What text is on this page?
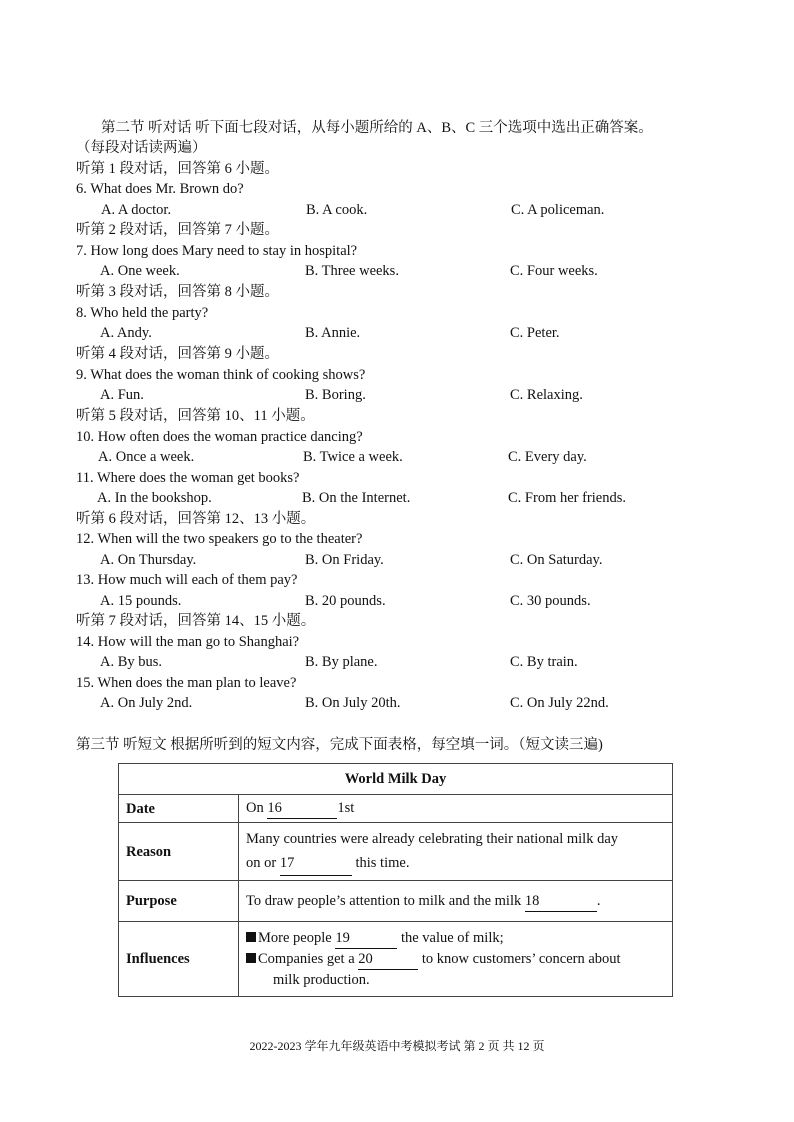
第二节 听对话 听下面七段对话，从每小题所给的 A、B、C 三个选项中选出正确答案。
（每段对话读两遍）
听第 1 段对话，回答第 6 小题。
6. What does Mr. Brown do?
A. A doctor.	B. A cook.	C. A policeman.
听第 2 段对话，回答第 7 小题。
7. How long does Mary need to stay in hospital?
A. One week.	B. Three weeks.	C. Four weeks.
听第 3 段对话，回答第 8 小题。
8. Who held the party?
A. Andy.	B. Annie.	C. Peter.
听第 4 段对话，回答第 9 小题。
9. What does the woman think of cooking shows?
A. Fun.	B. Boring.	C. Relaxing.
听第 5 段对话，回答第 10、11 小题。
10. How often does the woman practice dancing?
A. Once a week.	B. Twice a week.	C. Every day.
11. Where does the woman get books?
A. In the bookshop.	B. On the Internet.	C. From her friends.
听第 6 段对话，回答第 12、13 小题。
12. When will the two speakers go to the theater?
A. On Thursday.	B. On Friday.	C. On Saturday.
13. How much will each of them pay?
A. 15 pounds.	B. 20 pounds.	C. 30 pounds.
听第 7 段对话，回答第 14、15 小题。
14. How will the man go to Shanghai?
A. By bus.	B. By plane.	C. By train.
15. When does the man plan to leave?
A. On July 2nd.	B. On July 20th.	C. On July 22nd.
第三节 听短文 根据所听到的短文内容，完成下面表格，每空填一词。（短文读三遍)
World Milk Day	
Date	On 16 1st
Reason	Many countries were already celebrating their national milk day
on or 17 this time.

Purpose	To draw people’s attention to milk and the milk 18 .
Influences	More people 19 the value of milk;
Companies get a 20 to know customers’ concern about
milk production.
2022-2023 学年九年级英语中考模拟考试 第 2 页 共 12 页
